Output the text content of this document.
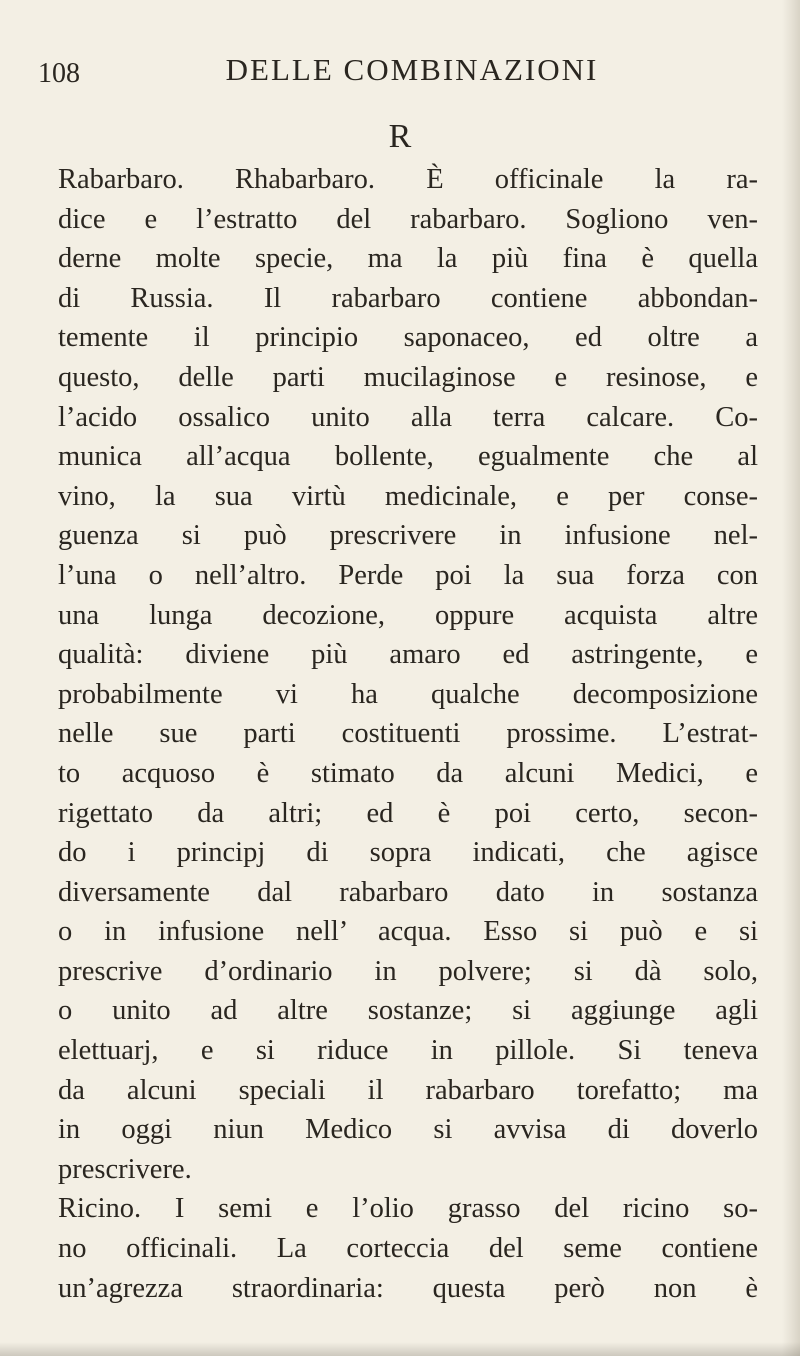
108	DELLE COMBINAZIONI
R
Rabarbaro. Rhabarbaro. È officinale la ra-
dice e l’estratto del rabarbaro. Sogliono ven-
derne molte specie, ma la più fina è quella
di Russia. Il rabarbaro contiene abbondan-
temente il principio saponaceo, ed oltre a
questo, delle parti mucilaginose e resinose, e
l’acido ossalico unito alla terra calcare. Co-
munica all’acqua bollente, egualmente che al
vino, la sua virtù medicinale, e per conse-
guenza si può prescrivere in infusione nel-
l’una o nell’altro. Perde poi la sua forza con
una lunga decozione, oppure acquista altre
qualità: diviene più amaro ed astringente, e
probabilmente vi ha qualche decomposizione
nelle sue parti costituenti prossime. L’estrat-
to acquoso è stimato da alcuni Medici, e
rigettato da altri; ed è poi certo, secon-
do i principj di sopra indicati, che agisce
diversamente dal rabarbaro dato in sostanza
o in infusione nell’ acqua. Esso si può e si
prescrive d’ordinario in polvere; si dà solo,
o unito ad altre sostanze; si aggiunge agli
elettuarj, e si riduce in pillole. Si teneva
da alcuni speciali il rabarbaro torefatto; ma
in oggi niun Medico si avvisa di doverlo
prescrivere.
Ricino. I semi e l’olio grasso del ricino so-
no officinali. La corteccia del seme contiene
un’agrezza straordinaria: questa però non è
